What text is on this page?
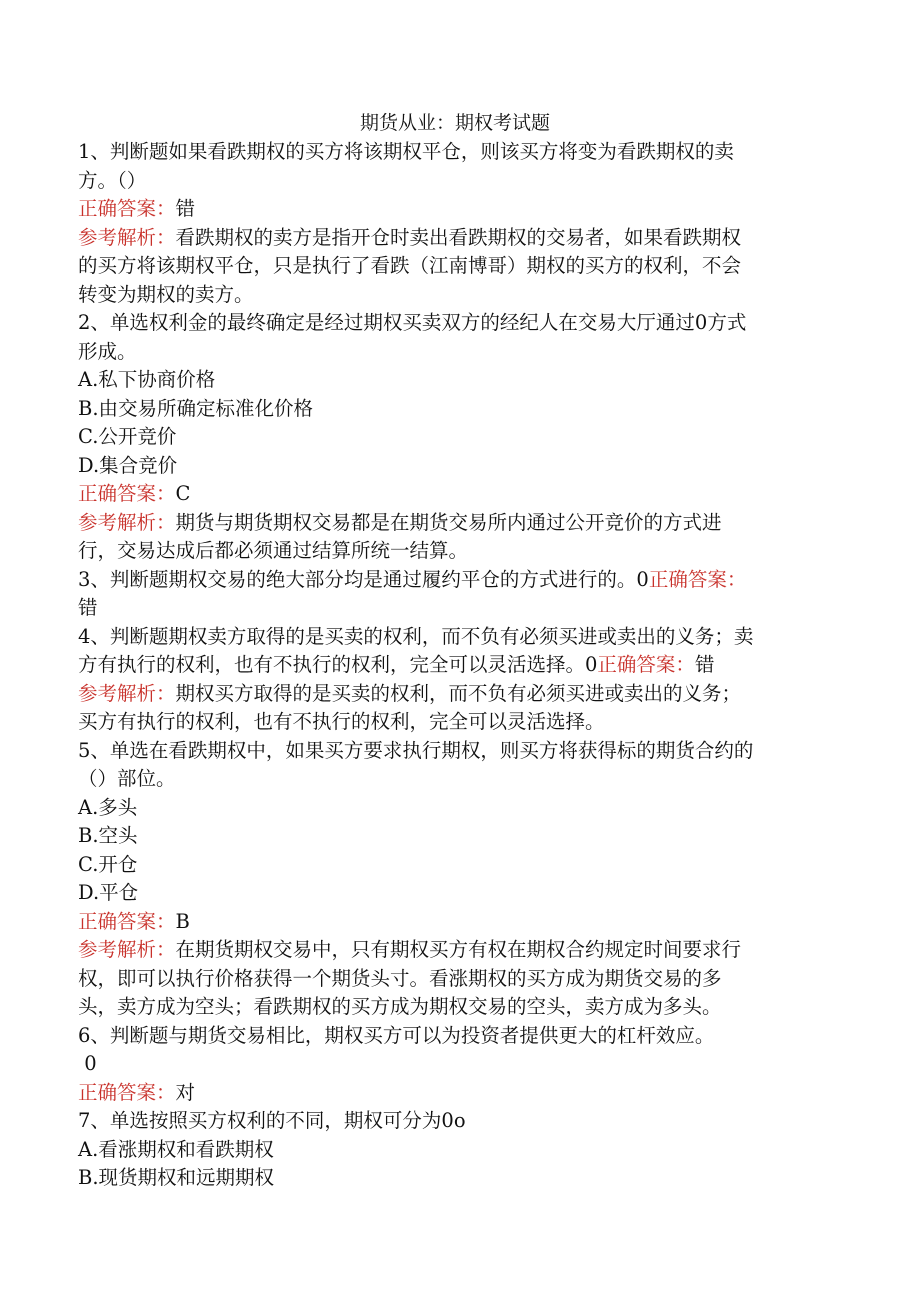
期货从业：期权考试题

1、判断题如果看跌期权的买方将该期权平仓，则该买方将变为看跌期权的卖

方。（）

正确答案：错

参考解析：看跌期权的卖方是指开仓时卖出看跌期权的交易者，如果看跌期权

的买方将该期权平仓，只是执行了看跌（江南博哥）期权的买方的权利，不会

转变为期权的卖方。

2、单选权利金的最终确定是经过期权买卖双方的经纪人在交易大厅通过0方式

形成。

A.私下协商价格

B.由交易所确定标准化价格

C.公开竞价

D.集合竞价

正确答案：C

参考解析：期货与期货期权交易都是在期货交易所内通过公开竞价的方式进

行，交易达成后都必须通过结算所统一结算。

3、判断题期权交易的绝大部分均是通过履约平仓的方式进行的。0正确答案：

错

4、判断题期权卖方取得的是买卖的权利，而不负有必须买进或卖出的义务；卖

方有执行的权利，也有不执行的权利，完全可以灵活选择。0正确答案：错

参考解析：期权买方取得的是买卖的权利，而不负有必须买进或卖出的义务；

买方有执行的权利，也有不执行的权利，完全可以灵活选择。

5、单选在看跌期权中，如果买方要求执行期权，则买方将获得标的期货合约的

（）部位。

A.多头

B.空头

C.开仓

D.平仓

正确答案：B

参考解析：在期货期权交易中，只有期权买方有权在期权合约规定时间要求行

权，即可以执行价格获得一个期货头寸。看涨期权的买方成为期货交易的多

头，卖方成为空头；看跌期权的买方成为期权交易的空头，卖方成为多头。

6、判断题与期货交易相比，期权买方可以为投资者提供更大的杠杆效应。

0

正确答案：对

7、单选按照买方权利的不同，期权可分为0o

A.看涨期权和看跌期权

B.现货期权和远期期权
